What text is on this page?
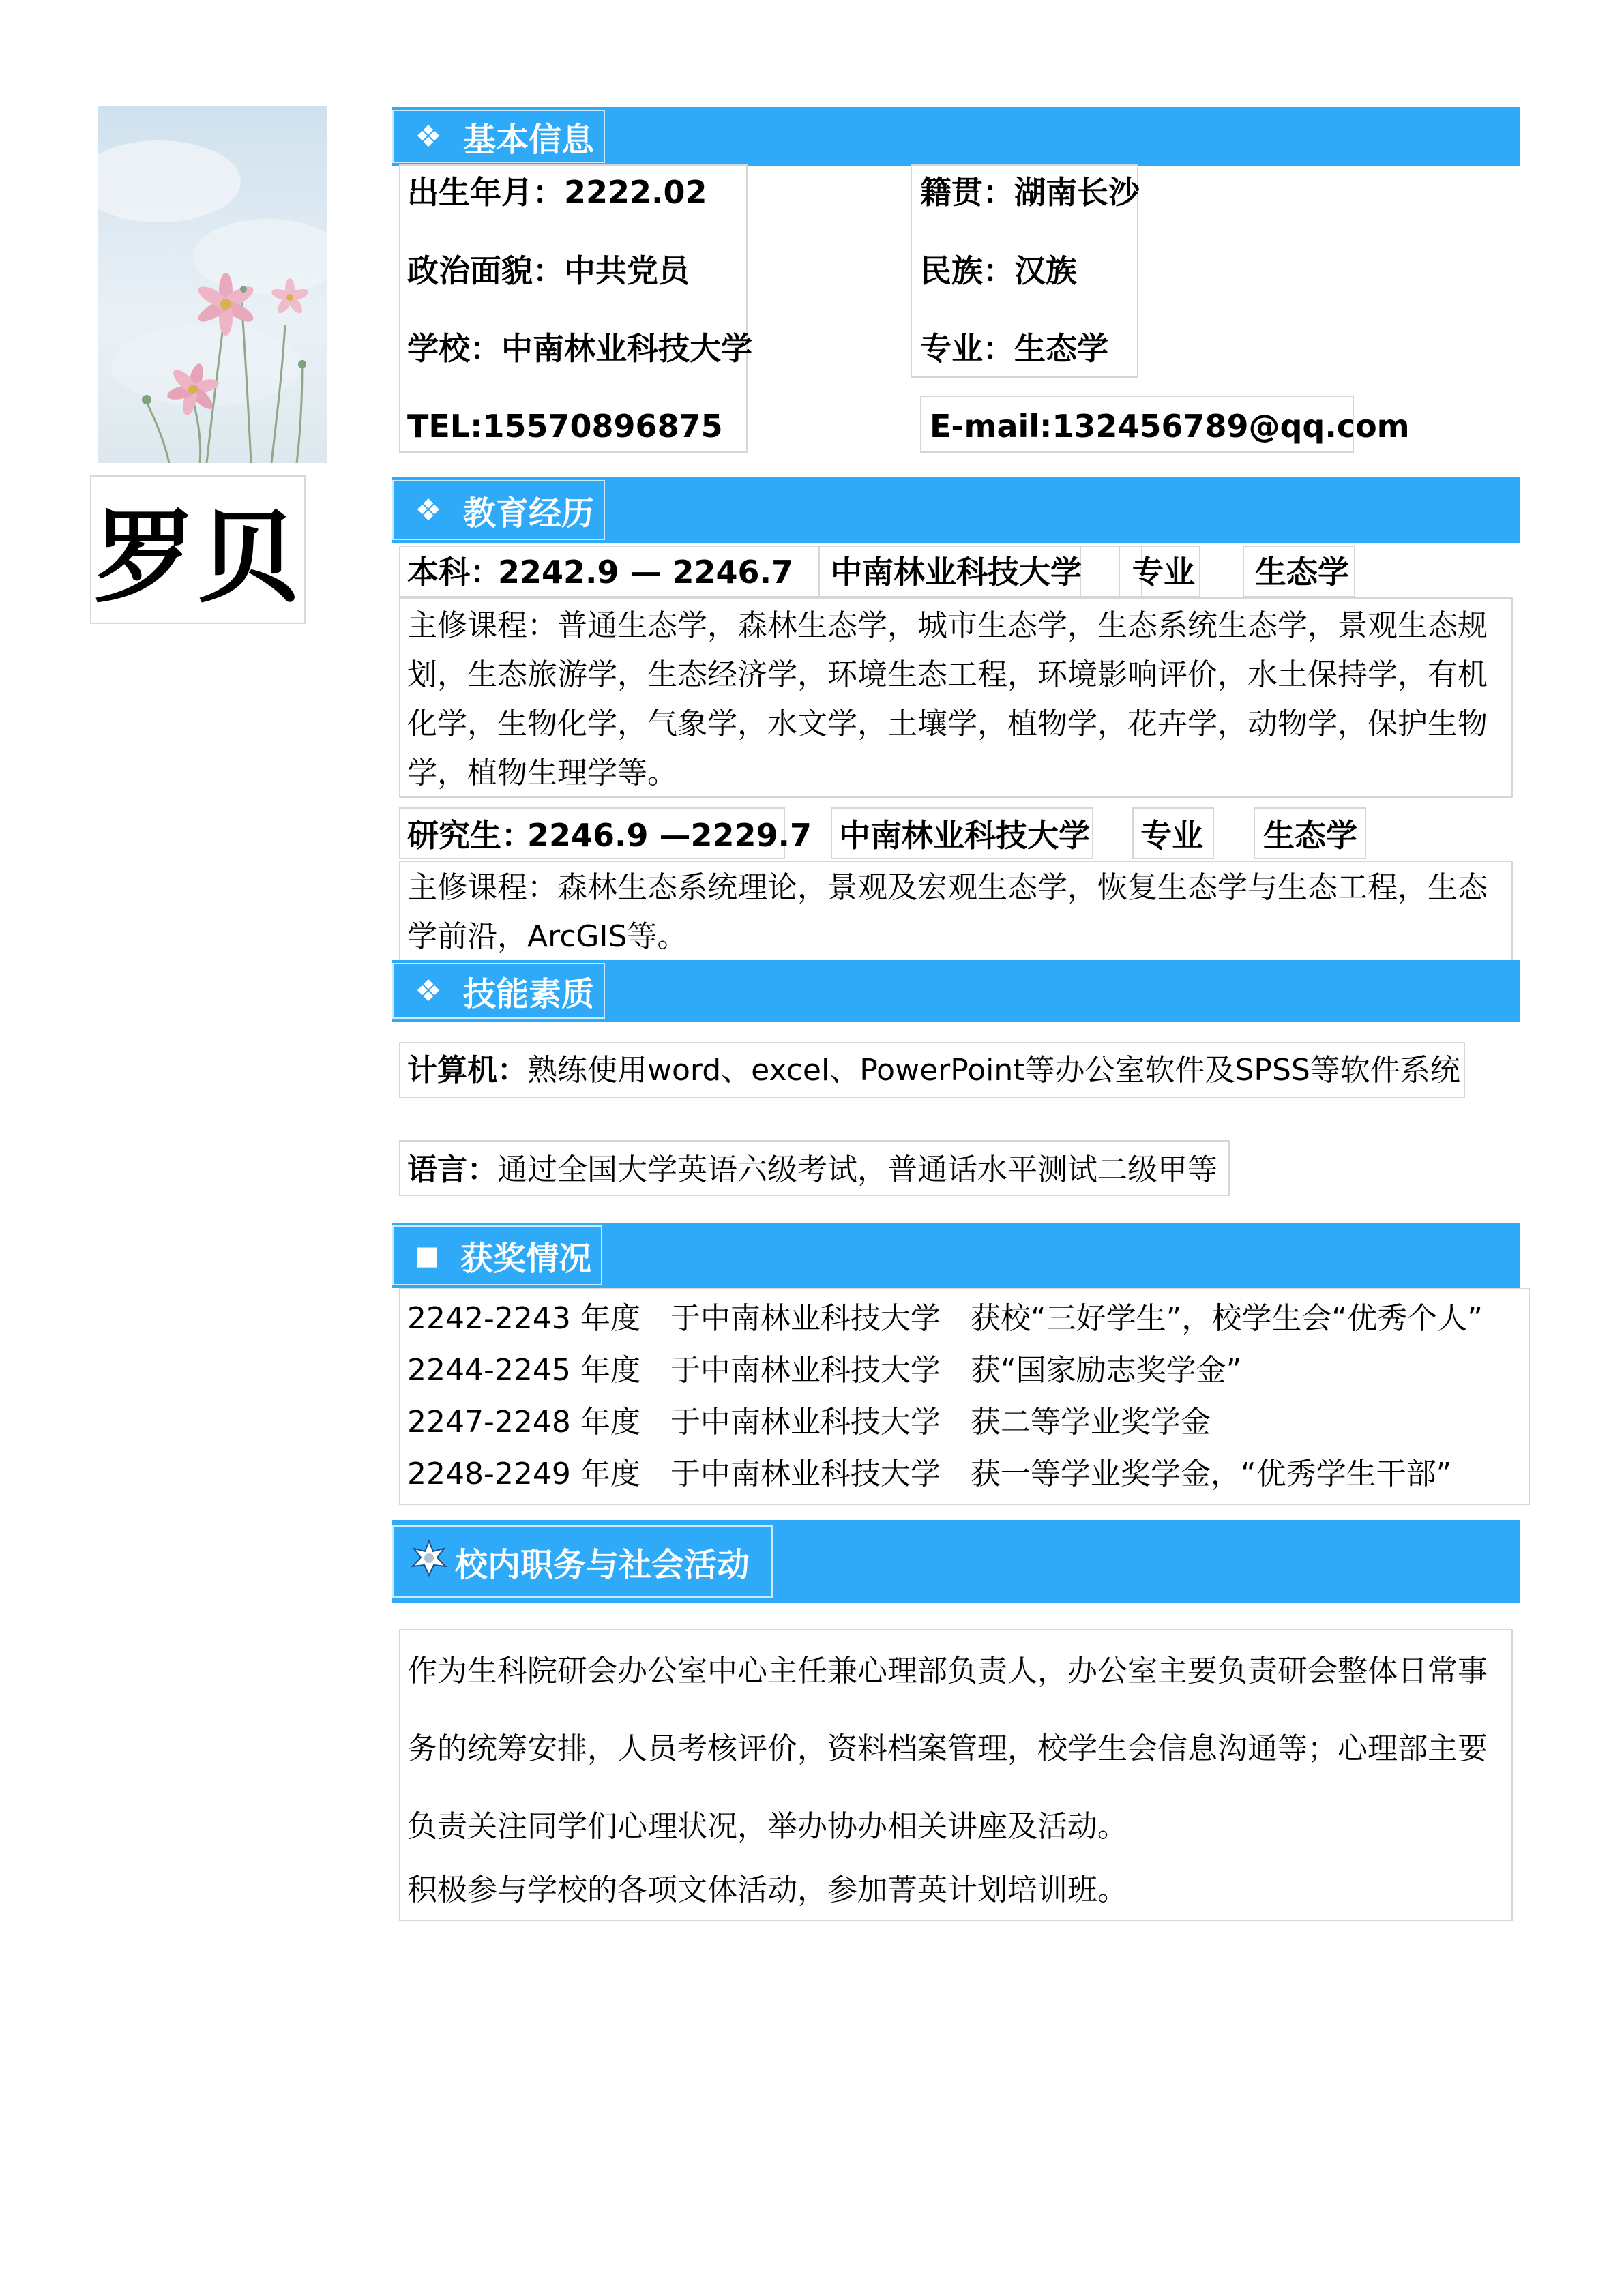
罗贝
❖ 基本信息
出生年月：2222.02
政治面貌：中共党员
学校：中南林业科技大学
TEL:15570896875
籍贯：湖南长沙
民族：汉族
专业：生态学
E-mail:132456789@qq.com
❖ 教育经历
本科：
2242.9 — 2246.7 中南林业科技大学 专业 生态学
主修课程：普通生态学，森林生态学，城市生态学，生态系统生态学，景观生态规划，生态旅游学，生态经济学，环境生态工程，环境影响评价，水土保持学，有机化学，生物化学，气象学，水文学，土壤学，植物学，花卉学，动物学，保护生物学，植物生理学等。
研究生：
2246.9 —2229.7 中南林业科技大学 专业 生态学
主修课程：森林生态系统理论，景观及宏观生态学，恢复生态学与生态工程，生态学前沿，ArcGIS等。
❖ 技能素质
计算机：熟练使用word、excel、PowerPoint等办公室软件及SPSS等软件系统
语言：通过全国大学英语六级考试，普通话水平测试二级甲等
■ 获奖情况
2242-2243 年度　于中南林业科技大学　获校“三好学生”，校学生会“优秀个人”
2244-2245 年度　于中南林业科技大学　获“国家励志奖学金”
2247-2248 年度　于中南林业科技大学　获二等学业奖学金
2248-2249 年度　于中南林业科技大学　获一等学业奖学金，“优秀学生干部”
校内职务与社会活动
作为生科院研会办公室中心主任兼心理部负责人，办公室主要负责研会整体日常事务的统筹安排，人员考核评价，资料档案管理，校学生会信息沟通等；心理部主要负责关注同学们心理状况，举办协办相关讲座及活动。
积极参与学校的各项文体活动，参加菁英计划培训班。
